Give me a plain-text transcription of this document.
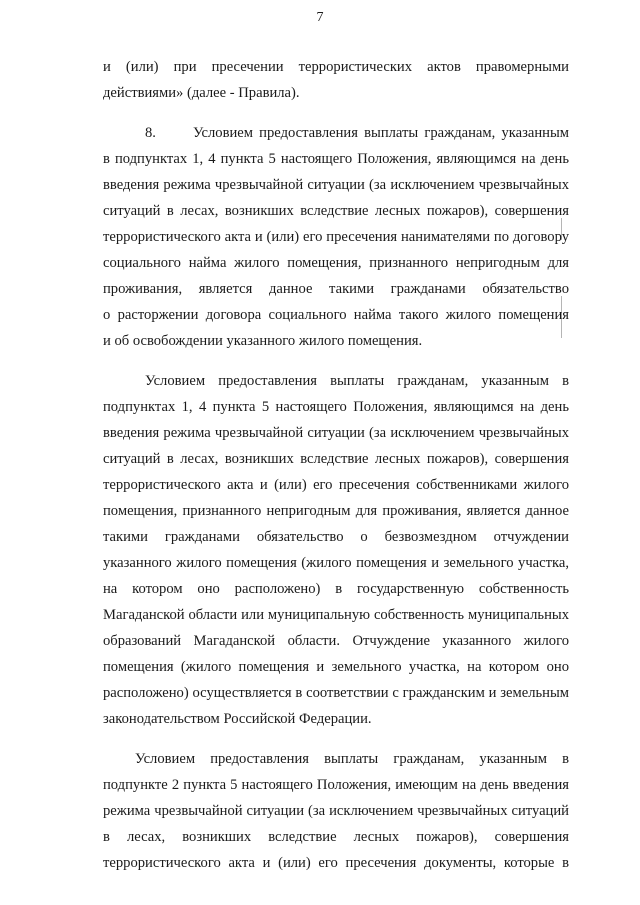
7
и (или) при пресечении террористических актов правомерными
действиями» (далее - Правила).
8.      Условием предоставления выплаты гражданам, указанным
в подпунктах 1, 4 пункта 5 настоящего Положения, являющимся на день
введения режима чрезвычайной ситуации (за исключением чрезвычайных
ситуаций в лесах, возникших вследствие лесных пожаров), совершения
террористического акта и (или) его пресечения нанимателями по договору
социального найма жилого помещения, признанного непригодным для
проживания, является данное такими гражданами обязательство
о расторжении договора социального найма такого жилого помещения
и об освобождении указанного жилого помещения.
Условием предоставления выплаты гражданам, указанным в
подпунктах 1, 4 пункта 5 настоящего Положения, являющимся на день
введения режима чрезвычайной ситуации (за исключением чрезвычайных
ситуаций в лесах, возникших вследствие лесных пожаров), совершения
террористического акта и (или) его пресечения собственниками жилого
помещения, признанного непригодным для проживания, является данное
такими гражданами обязательство о безвозмездном отчуждении
указанного жилого помещения (жилого помещения и земельного участка,
на котором оно расположено) в государственную собственность
Магаданской области или муниципальную собственность муниципальных
образований Магаданской области. Отчуждение указанного жилого
помещения (жилого помещения и земельного участка, на котором оно
расположено) осуществляется в соответствии с гражданским и земельным
законодательством Российской Федерации.
Условием предоставления выплаты гражданам, указанным в
подпункте 2 пункта 5 настоящего Положения, имеющим на день введения
режима чрезвычайной ситуации (за исключением чрезвычайных ситуаций
в лесах, возникших вследствие лесных пожаров), совершения
террористического акта и (или) его пресечения документы, которые в
